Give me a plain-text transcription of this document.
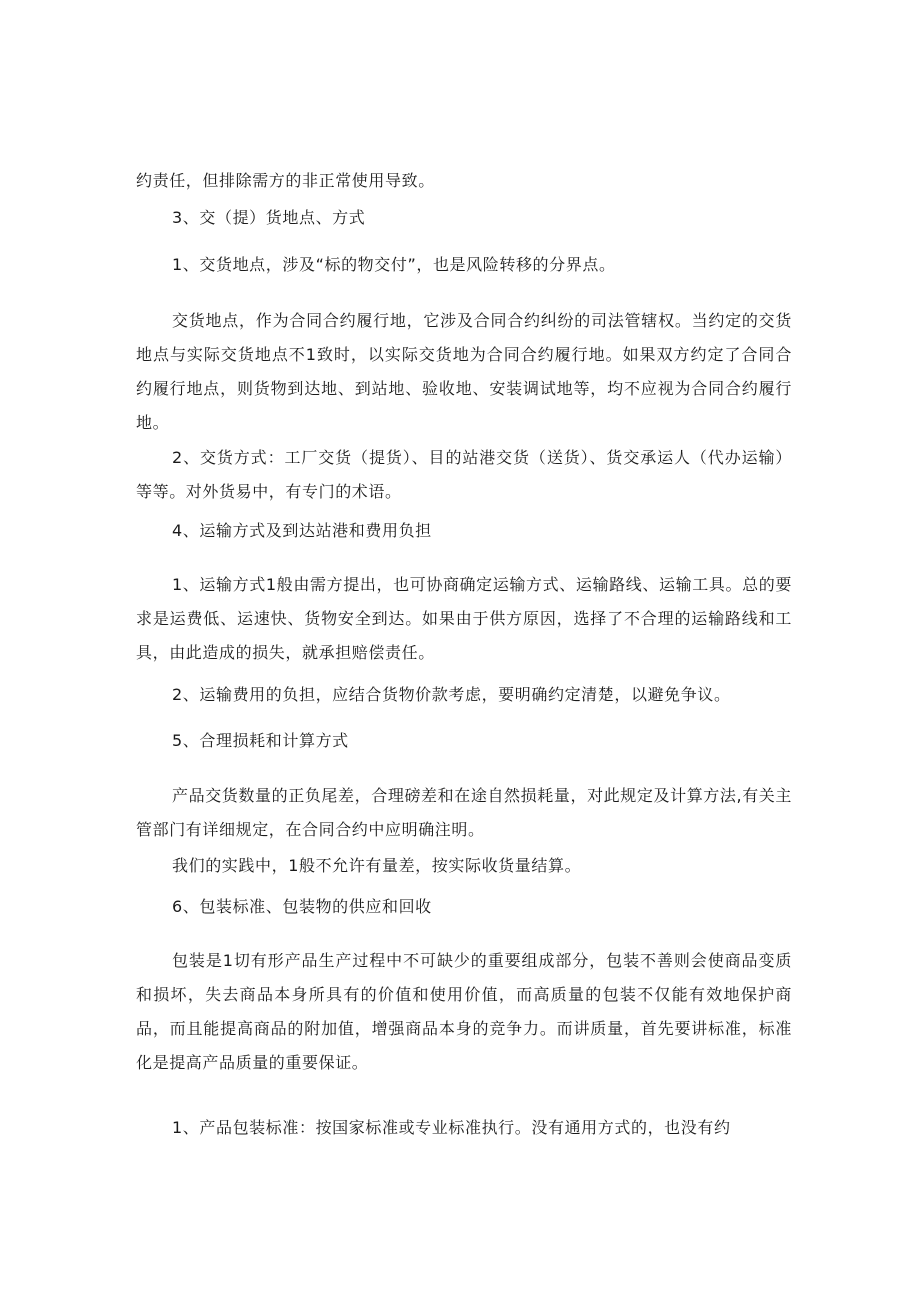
约责任，但排除需方的非正常使用导致。
3、交（提）货地点、方式
1、交货地点，涉及“标的物交付”，也是风险转移的分界点。

交货地点，作为合同合约履行地，它涉及合同合约纠纷的司法管辖权。当约定的交货地点与实际交货地点不1致时，以实际交货地为合同合约履行地。如果双方约定了合同合约履行地点，则货物到达地、到站地、验收地、安装调试地等，均不应视为合同合约履行地。

2、交货方式：工厂交货（提货）、目的站港交货（送货）、货交承运人（代办运输）等等。对外货易中，有专门的术语。

4、运输方式及到达站港和费用负担

1、运输方式1般由需方提出，也可协商确定运输方式、运输路线、运输工具。总的要求是运费低、运速快、货物安全到达。如果由于供方原因，选择了不合理的运输路线和工具，由此造成的损失，就承担赔偿责任。

2、运输费用的负担，应结合货物价款考虑，要明确约定清楚，以避免争议。
5、合理损耗和计算方式

产品交货数量的正负尾差，合理磅差和在途自然损耗量，对此规定及计算方法,有关主管部门有详细规定，在合同合约中应明确注明。

我们的实践中，1般不允许有量差，按实际收货量结算。
6、包装标准、包装物的供应和回收

包装是1切有形产品生产过程中不可缺少的重要组成部分，包装不善则会使商品变质和损坏，失去商品本身所具有的价值和使用价值，而高质量的包装不仅能有效地保护商品，而且能提高商品的附加值，增强商品本身的竞争力。而讲质量，首先要讲标准，标准化是提高产品质量的重要保证。

1、产品包装标准：按国家标准或专业标准执行。没有通用方式的，也没有约
